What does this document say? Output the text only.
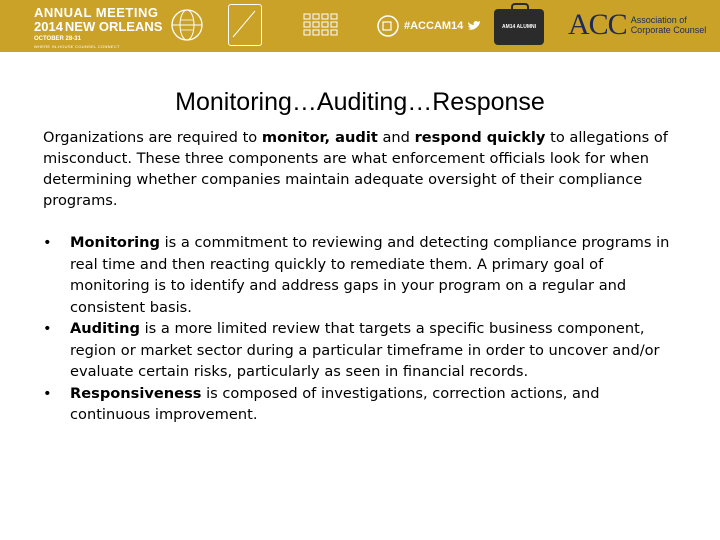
ANNUAL MEETING
2014 NEW ORLEANS
OCTOBER 28-31
WHERE IN-HOUSE COUNSEL CONNECT
#ACCAM14	AM14 ALUMNI ACC Association of
Corporate Counsel
Monitoring…Auditing…Response

Organizations are required to monitor, audit and respond quickly to allegations of misconduct. These three components are what enforcement officials look for when determining whether companies maintain adequate oversight of their compliance programs.

• Monitoring is a commitment to reviewing and detecting compliance programs in real time and then reacting quickly to remediate them. A primary goal of monitoring is to identify and address gaps in your program on a regular and consistent basis.
• Auditing is a more limited review that targets a specific business component, region or market sector during a particular timeframe in order to uncover and/or evaluate certain risks, particularly as seen in financial records.
• Responsiveness is composed of investigations, correction actions, and continuous improvement.
